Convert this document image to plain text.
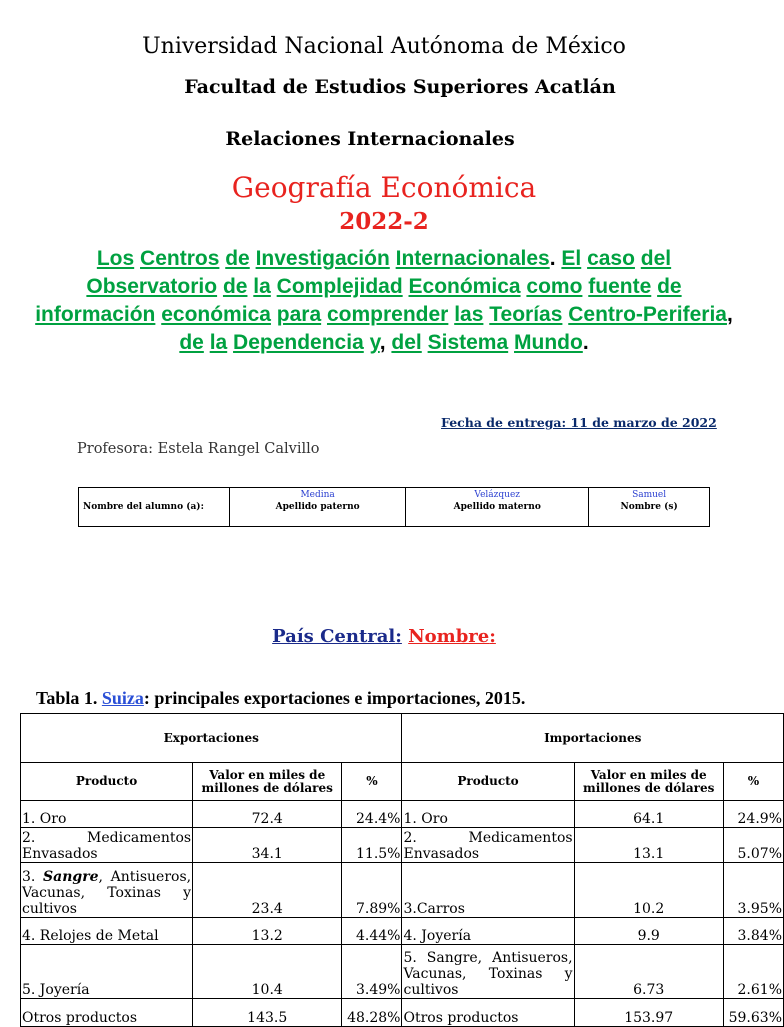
Universidad Nacional Autónoma de México
Facultad de Estudios Superiores Acatlán
Relaciones Internacionales
Geografía Económica
2022-2
Los Centros de Investigación Internacionales. El caso del Observatorio de la Complejidad Económica como fuente de información económica para comprender las Teorías Centro-Periferia, de la Dependencia y, del Sistema Mundo.
Fecha de entrega: 11 de marzo de 2022
Profesora: Estela Rangel Calvillo
Nombre del alumno (a):	Medina	Velázquez	Samuel
	Apellido paterno	Apellido materno	Nombre (s)
País Central: Nombre:
Tabla 1. Suiza: principales exportaciones e importaciones, 2015.
Exportaciones			Importaciones		
Producto	Valor en miles de millones de dólares	%	Producto	Valor en miles de millones de dólares	%
1. Oro	72.4	24.4%	1. Oro	64.1	24.9%
2. Medicamentos Envasados	34.1	11.5%	2. Medicamentos Envasados	13.1	5.07%
3. Sangre, Antisueros, Vacunas, Toxinas y cultivos	23.4	7.89%	3.Carros	10.2	3.95%
4. Relojes de Metal	13.2	4.44%	4. Joyería	9.9	3.84%
5. Joyería	10.4	3.49%	5. Sangre, Antisueros, Vacunas, Toxinas y cultivos	6.73	2.61%
Otros productos	143.5	48.28%	Otros productos	153.97	59.63%
